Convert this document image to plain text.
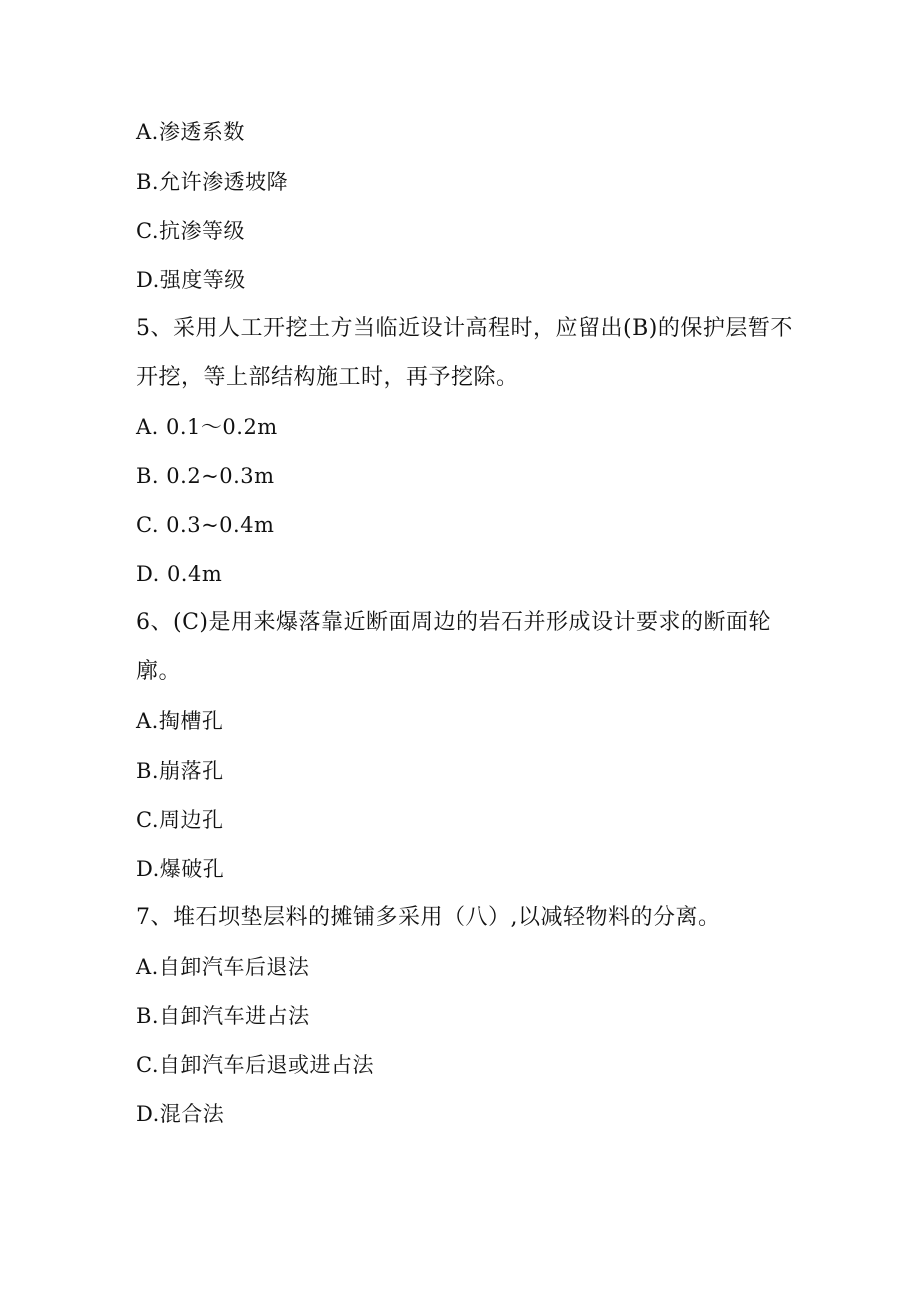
A.渗透系数
B.允许渗透坡降
C.抗渗等级
D.强度等级
5、采用人工开挖土方当临近设计高程时，应留出(B)的保护层暂不
开挖，等上部结构施工时，再予挖除。
A. 0.1～0.2m
B. 0.2~0.3m
C. 0.3~0.4m
D. 0.4m
6、(C)是用来爆落靠近断面周边的岩石并形成设计要求的断面轮
廓。
A.掏槽孔
B.崩落孔
C.周边孔
D.爆破孔
7、堆石坝垫层料的摊铺多采用（八）,以减轻物料的分离。
A.自卸汽车后退法
B.自卸汽车进占法
C.自卸汽车后退或进占法
D.混合法
